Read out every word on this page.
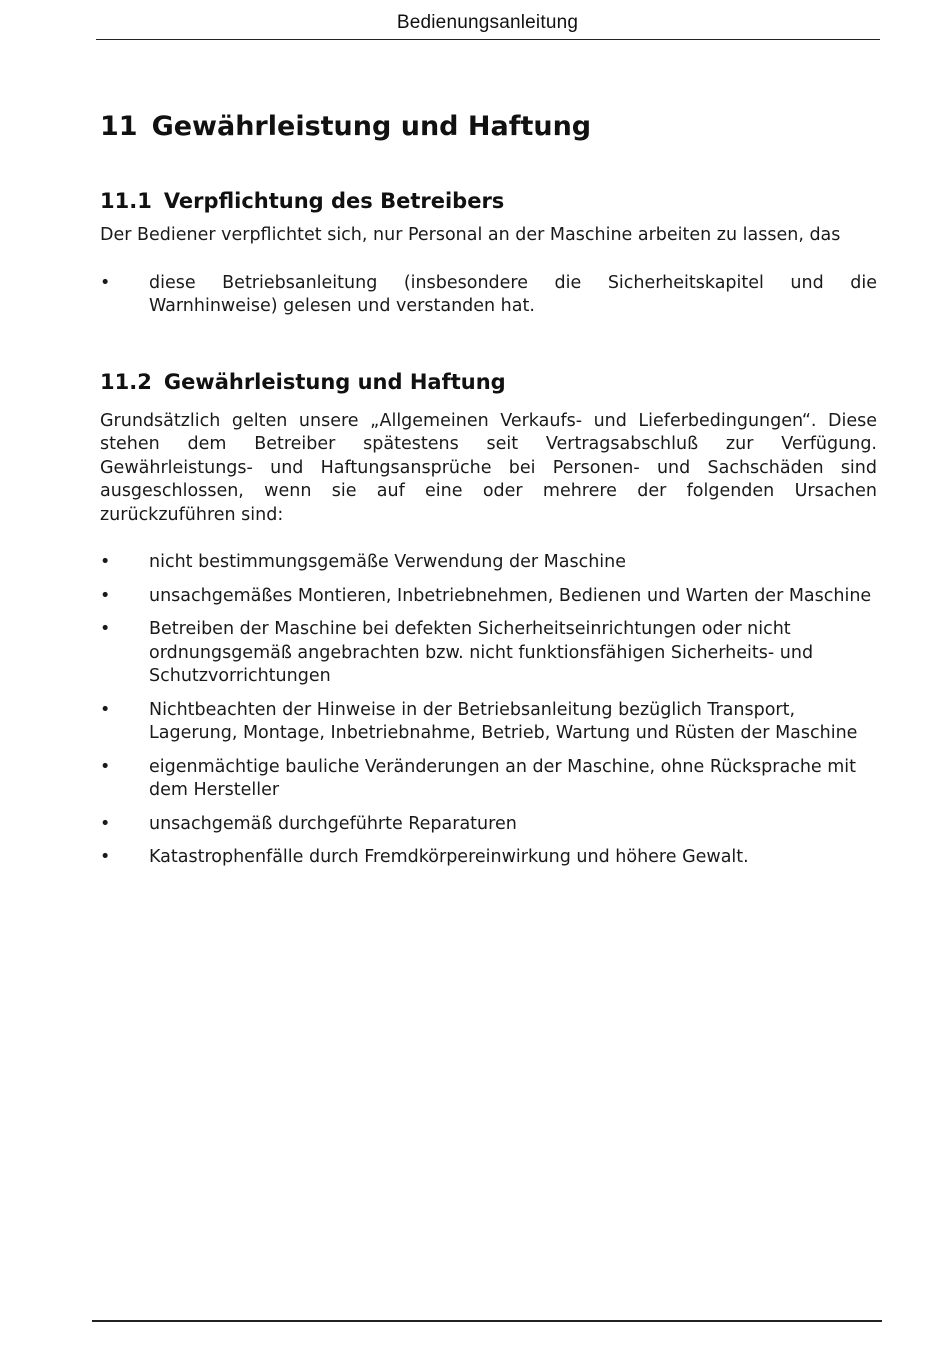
Bedienungsanleitung
11 Gewährleistung und Haftung
11.1 Verpflichtung des Betreibers

Der Bediener verpflichtet sich, nur Personal an der Maschine arbeiten zu lassen, das

• diese Betriebsanleitung (insbesondere die Sicherheitskapitel und die Warnhinweise) gelesen und verstanden hat.
11.2 Gewährleistung und Haftung

Grundsätzlich gelten unsere „Allgemeinen Verkaufs- und Lieferbedingungen“. Diese stehen dem Betreiber spätestens seit Vertragsabschluß zur Verfügung. Gewährleistungs- und Haftungsansprüche bei Personen- und Sachschäden sind ausgeschlossen, wenn sie auf eine oder mehrere der folgenden Ursachen zurückzuführen sind:

• nicht bestimmungsgemäße Verwendung der Maschine
• unsachgemäßes Montieren, Inbetriebnehmen, Bedienen und Warten der Maschine
• Betreiben der Maschine bei defekten Sicherheitseinrichtungen oder nicht ordnungsgemäß angebrachten bzw. nicht funktionsfähigen Sicherheits- und Schutzvorrichtungen
• Nichtbeachten der Hinweise in der Betriebsanleitung bezüglich Transport, Lagerung, Montage, Inbetriebnahme, Betrieb, Wartung und Rüsten der Maschine
• eigenmächtige bauliche Veränderungen an der Maschine, ohne Rücksprache mit dem Hersteller
• unsachgemäß durchgeführte Reparaturen
• Katastrophenfälle durch Fremdkörpereinwirkung und höhere Gewalt.
